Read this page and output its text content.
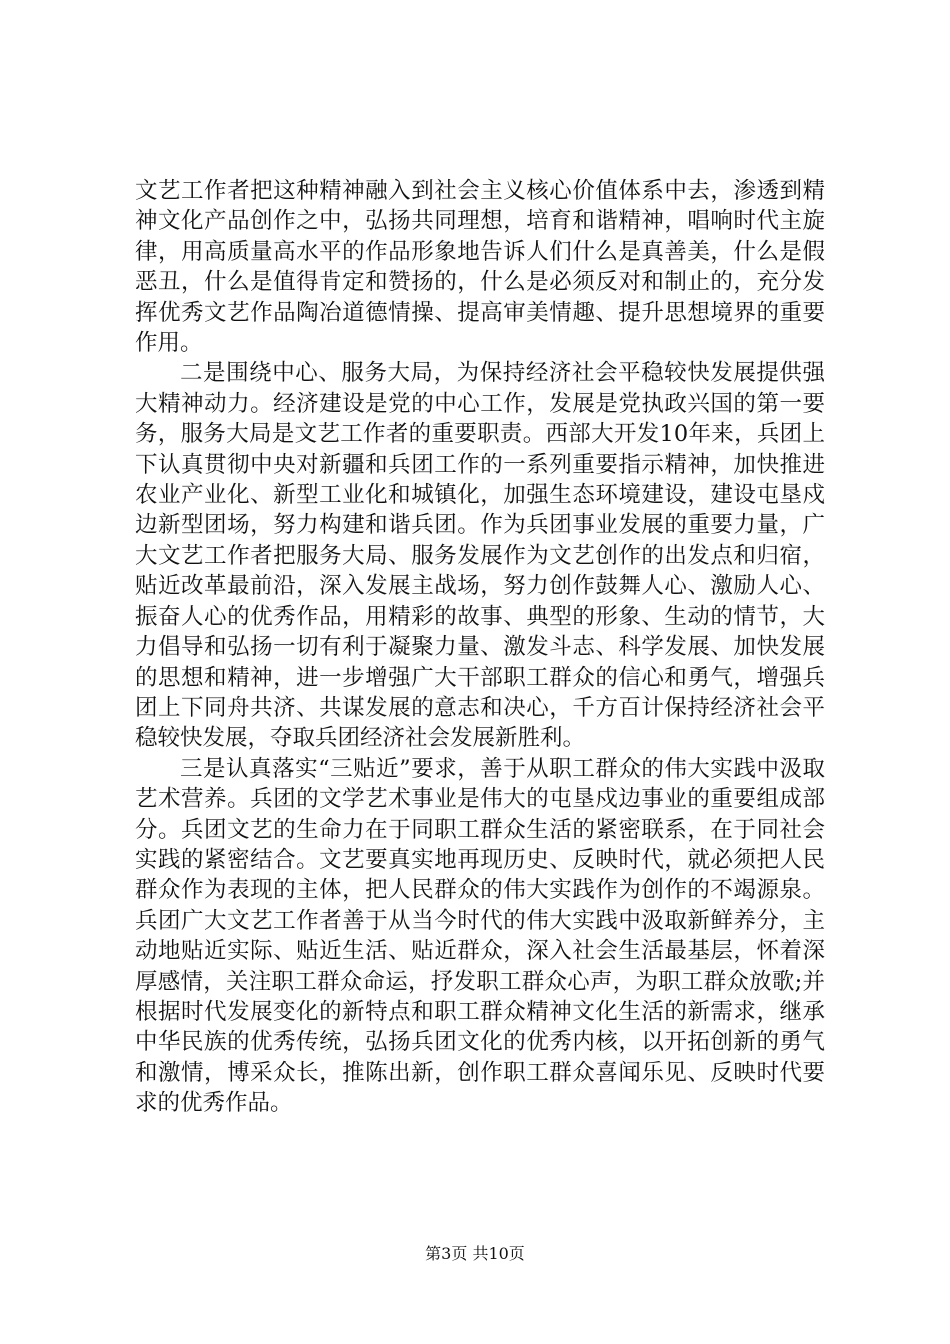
文艺工作者把这种精神融入到社会主义核心价值体系中去，渗透到精神文化产品创作之中，弘扬共同理想，培育和谐精神，唱响时代主旋律，用高质量高水平的作品形象地告诉人们什么是真善美，什么是假恶丑，什么是值得肯定和赞扬的，什么是必须反对和制止的，充分发挥优秀文艺作品陶冶道德情操、提高审美情趣、提升思想境界的重要作用。

二是围绕中心、服务大局，为保持经济社会平稳较快发展提供强大精神动力。经济建设是党的中心工作，发展是党执政兴国的第一要务，服务大局是文艺工作者的重要职责。西部大开发10年来，兵团上下认真贯彻中央对新疆和兵团工作的一系列重要指示精神，加快推进农业产业化、新型工业化和城镇化，加强生态环境建设，建设屯垦戍边新型团场，努力构建和谐兵团。作为兵团事业发展的重要力量，广大文艺工作者把服务大局、服务发展作为文艺创作的出发点和归宿，贴近改革最前沿，深入发展主战场，努力创作鼓舞人心、激励人心、振奋人心的优秀作品，用精彩的故事、典型的形象、生动的情节，大力倡导和弘扬一切有利于凝聚力量、激发斗志、科学发展、加快发展的思想和精神，进一步增强广大干部职工群众的信心和勇气，增强兵团上下同舟共济、共谋发展的意志和决心，千方百计保持经济社会平稳较快发展，夺取兵团经济社会发展新胜利。

三是认真落实“三贴近”要求，善于从职工群众的伟大实践中汲取艺术营养。兵团的文学艺术事业是伟大的屯垦戍边事业的重要组成部分。兵团文艺的生命力在于同职工群众生活的紧密联系，在于同社会实践的紧密结合。文艺要真实地再现历史、反映时代，就必须把人民群众作为表现的主体，把人民群众的伟大实践作为创作的不竭源泉。兵团广大文艺工作者善于从当今时代的伟大实践中汲取新鲜养分，主动地贴近实际、贴近生活、贴近群众，深入社会生活最基层，怀着深厚感情，关注职工群众命运，抒发职工群众心声，为职工群众放歌;并根据时代发展变化的新特点和职工群众精神文化生活的新需求，继承中华民族的优秀传统，弘扬兵团文化的优秀内核，以开拓创新的勇气和激情，博采众长，推陈出新，创作职工群众喜闻乐见、反映时代要求的优秀作品。

第3页 共10页
